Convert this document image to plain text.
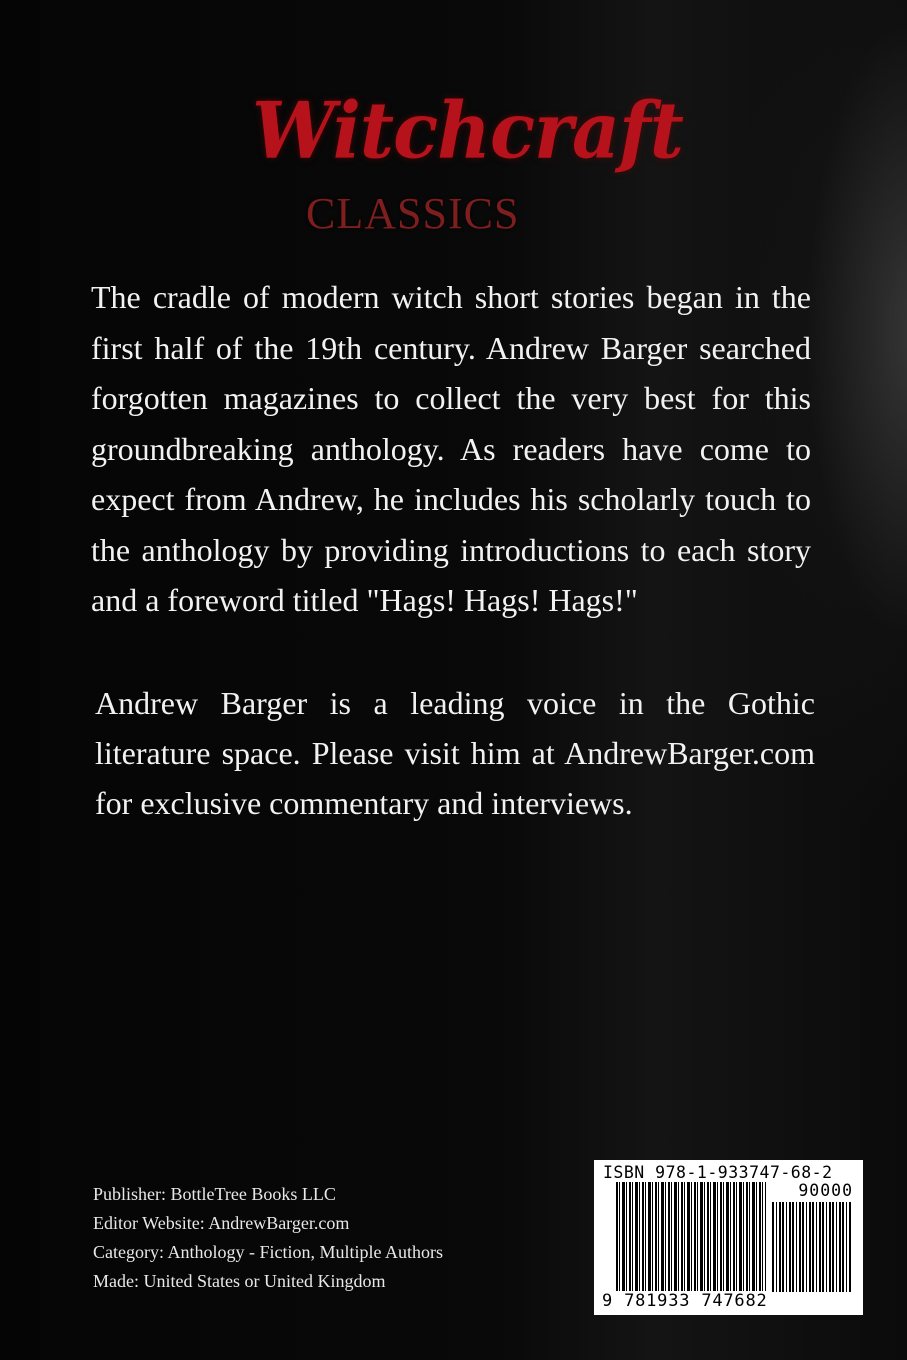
Witchcraft
CLASSICS

The cradle of modern witch short stories began in the first half of the 19th century. Andrew Barger searched forgotten magazines to collect the very best for this groundbreaking anthology. As readers have come to expect from Andrew, he includes his scholarly touch to the anthology by providing introductions to each story and a foreword titled "Hags! Hags! Hags!"

Andrew Barger is a leading voice in the Gothic literature space. Please visit him at AndrewBarger.com for exclusive commentary and interviews.

Publisher: BottleTree Books LLC
Editor Website: AndrewBarger.com
Category: Anthology - Fiction, Multiple Authors
Made: United States or United Kingdom
ISBN 978-1-933747-68-2
90000
9 781933 747682
